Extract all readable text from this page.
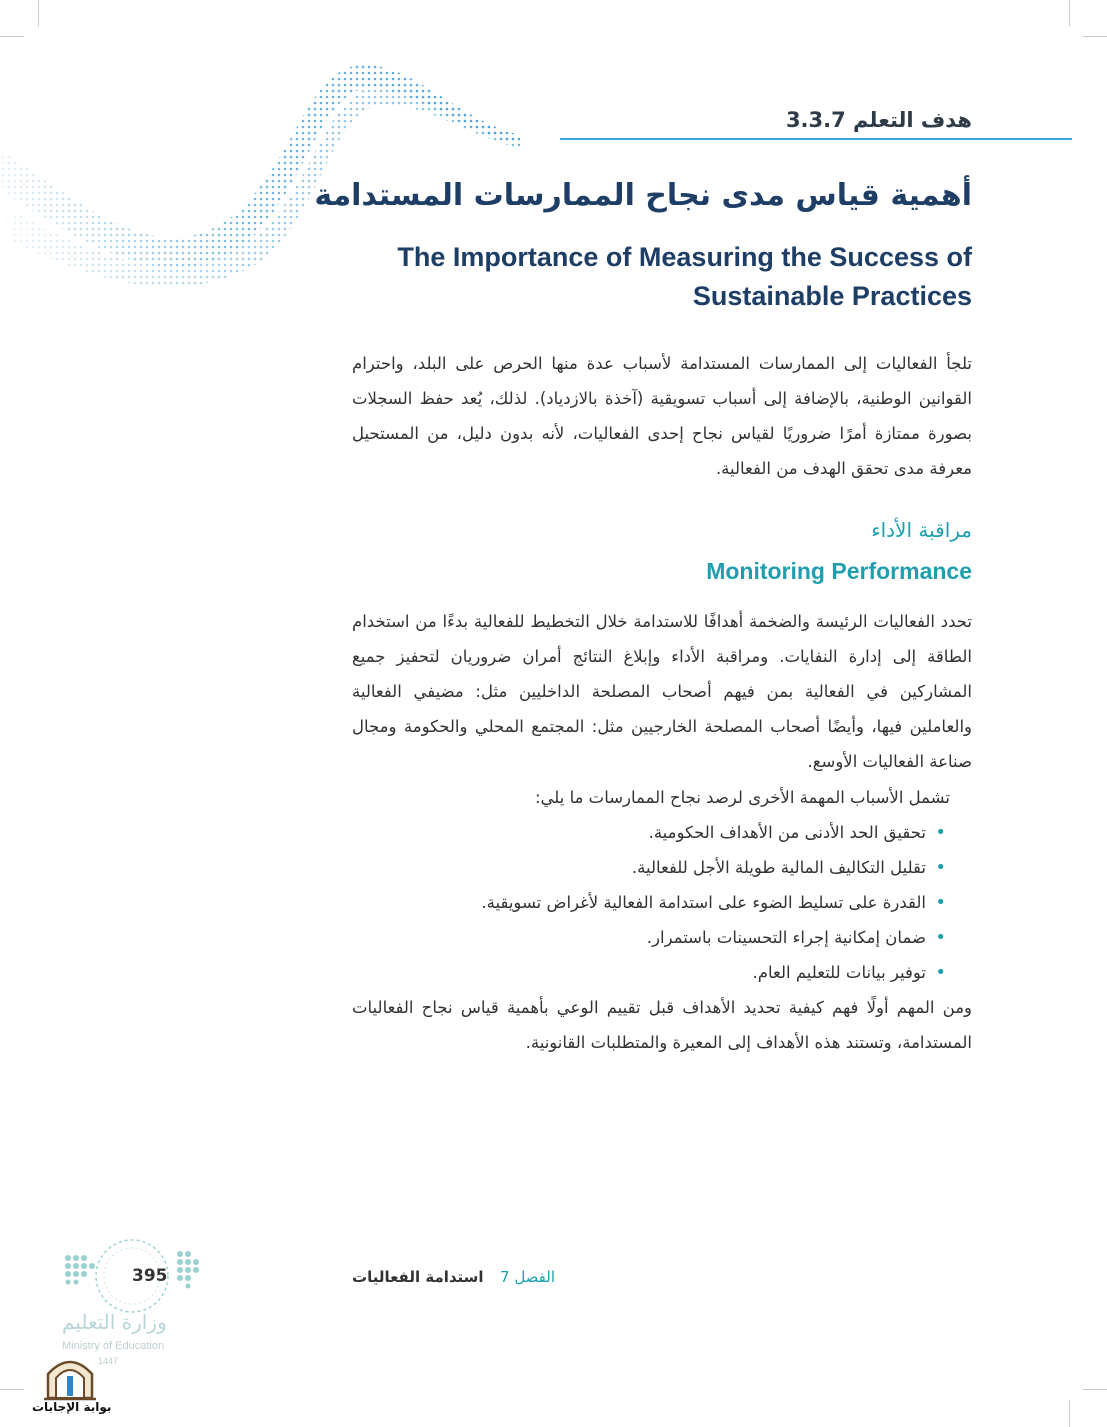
هدف التعلم 3.3.7
أهمية قياس مدى نجاح الممارسات المستدامة
The Importance of Measuring the Success of Sustainable Practices
تلجأ الفعاليات إلى الممارسات المستدامة لأسباب عدة منها الحرص على البلد، واحترام القوانين الوطنية، بالإضافة إلى أسباب تسويقية (آخذة بالازدياد). لذلك، يُعد حفظ السجلات بصورة ممتازة أمرًا ضروريًا لقياس نجاح إحدى الفعاليات، لأنه بدون دليل، من المستحيل معرفة مدى تحقق الهدف من الفعالية.
مراقبة الأداء
Monitoring Performance
تحدد الفعاليات الرئيسة والضخمة أهدافًا للاستدامة خلال التخطيط للفعالية بدءًا من استخدام الطاقة إلى إدارة النفايات. ومراقبة الأداء وإبلاغ النتائج أمران ضروريان لتحفيز جميع المشاركين في الفعالية بمن فيهم أصحاب المصلحة الداخليين مثل: مضيفي الفعالية والعاملين فيها، وأيضًا أصحاب المصلحة الخارجيين مثل: المجتمع المحلي والحكومة ومجال صناعة الفعاليات الأوسع.
تشمل الأسباب المهمة الأخرى لرصد نجاح الممارسات ما يلي:
• تحقيق الحد الأدنى من الأهداف الحكومية.
• تقليل التكاليف المالية طويلة الأجل للفعالية.
• القدرة على تسليط الضوء على استدامة الفعالية لأغراض تسويقية.
• ضمان إمكانية إجراء التحسينات باستمرار.
• توفير بيانات للتعليم العام.
ومن المهم أولًا فهم كيفية تحديد الأهداف قبل تقييم الوعي بأهمية قياس نجاح الفعاليات المستدامة، وتستند هذه الأهداف إلى المعيرة والمتطلبات القانونية.
الفصل 7
استدامة الفعاليات
395
وزارة التعليم
Ministry of Education
1447
بوابة الإجابات
